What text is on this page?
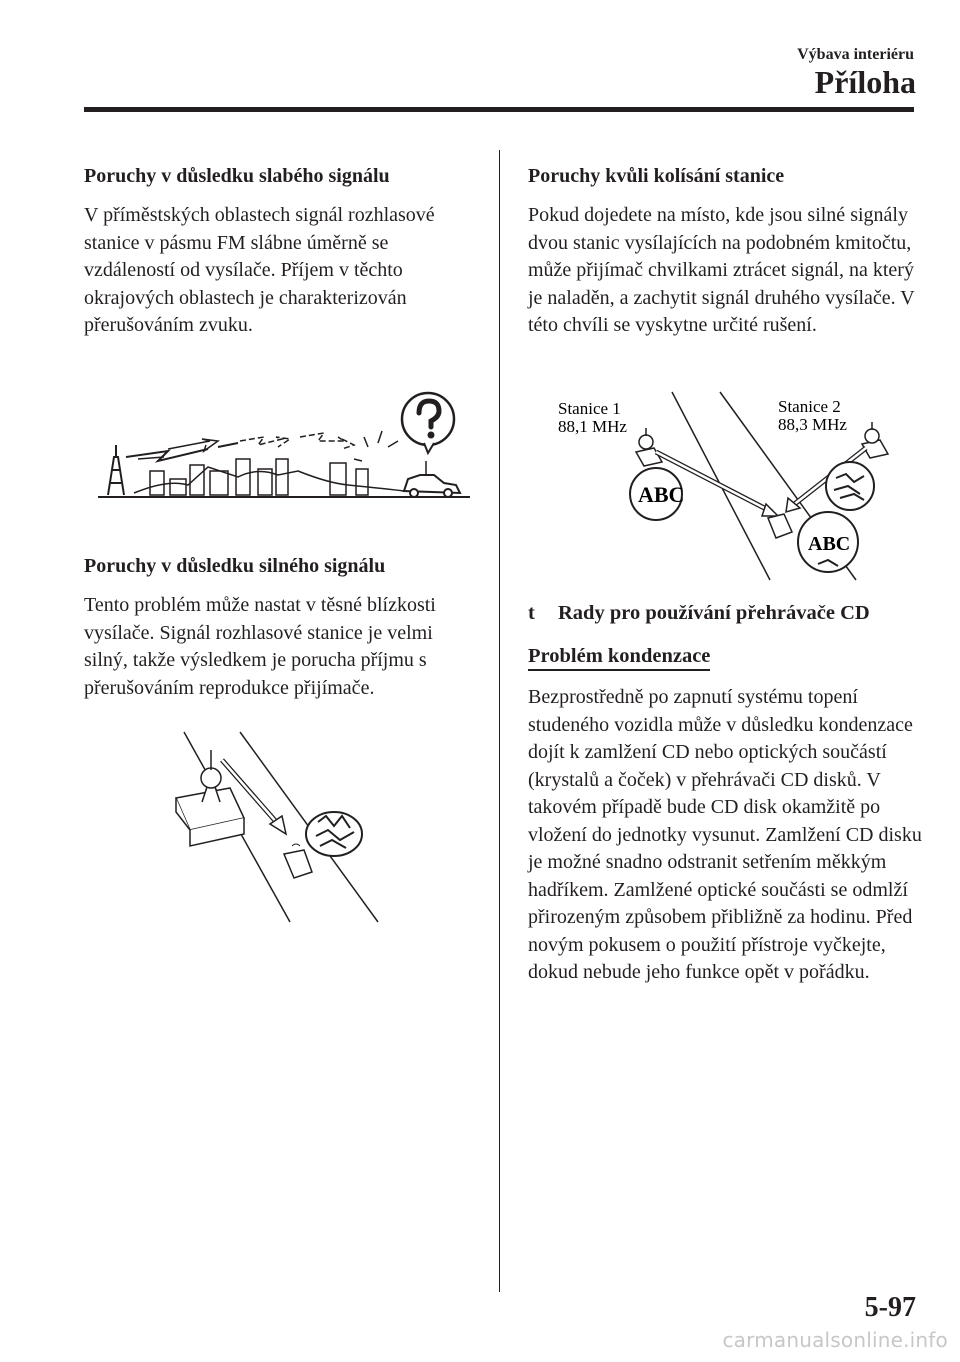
Výbava interiéru
Příloha
Poruchy v důsledku slabého signálu

V příměstských oblastech signál rozhlasové stanice v pásmu FM slábne úměrně se vzdáleností od vysílače. Příjem v těchto okrajových oblastech je charakterizován přerušováním zvuku.

Poruchy v důsledku silného signálu

Tento problém může nastat v těsné blízkosti vysílače. Signál rozhlasové stanice je velmi silný, takže výsledkem je porucha příjmu s přerušováním reprodukce přijímače.

Poruchy kvůli kolísání stanice

Pokud dojedete na místo, kde jsou silné signály dvou stanic vysílajících na podobném kmitočtu, může přijímač chvilkami ztrácet signál, na který je naladěn, a zachytit signál druhého vysílače. V této chvíli se vyskytne určité rušení.

Stanice 1
88,1 MHz
Stanice 2
88,3 MHz
ABC
ABC
t Rady pro používání přehrávače CD
Problém kondenzace

Bezprostředně po zapnutí systému topení studeného vozidla může v důsledku kondenzace dojít k zamlžení CD nebo optických součástí (krystalů a čoček) v přehrávači CD disků. V takovém případě bude CD disk okamžitě po vložení do jednotky vysunut. Zamlžení CD disku je možné snadno odstranit setřením měkkým hadříkem. Zamlžené optické součásti se odmlží přirozeným způsobem přibližně za hodinu. Před novým pokusem o použití přístroje vyčkejte, dokud nebude jeho funkce opět v pořádku.

5-97
carmanualsonline.info
